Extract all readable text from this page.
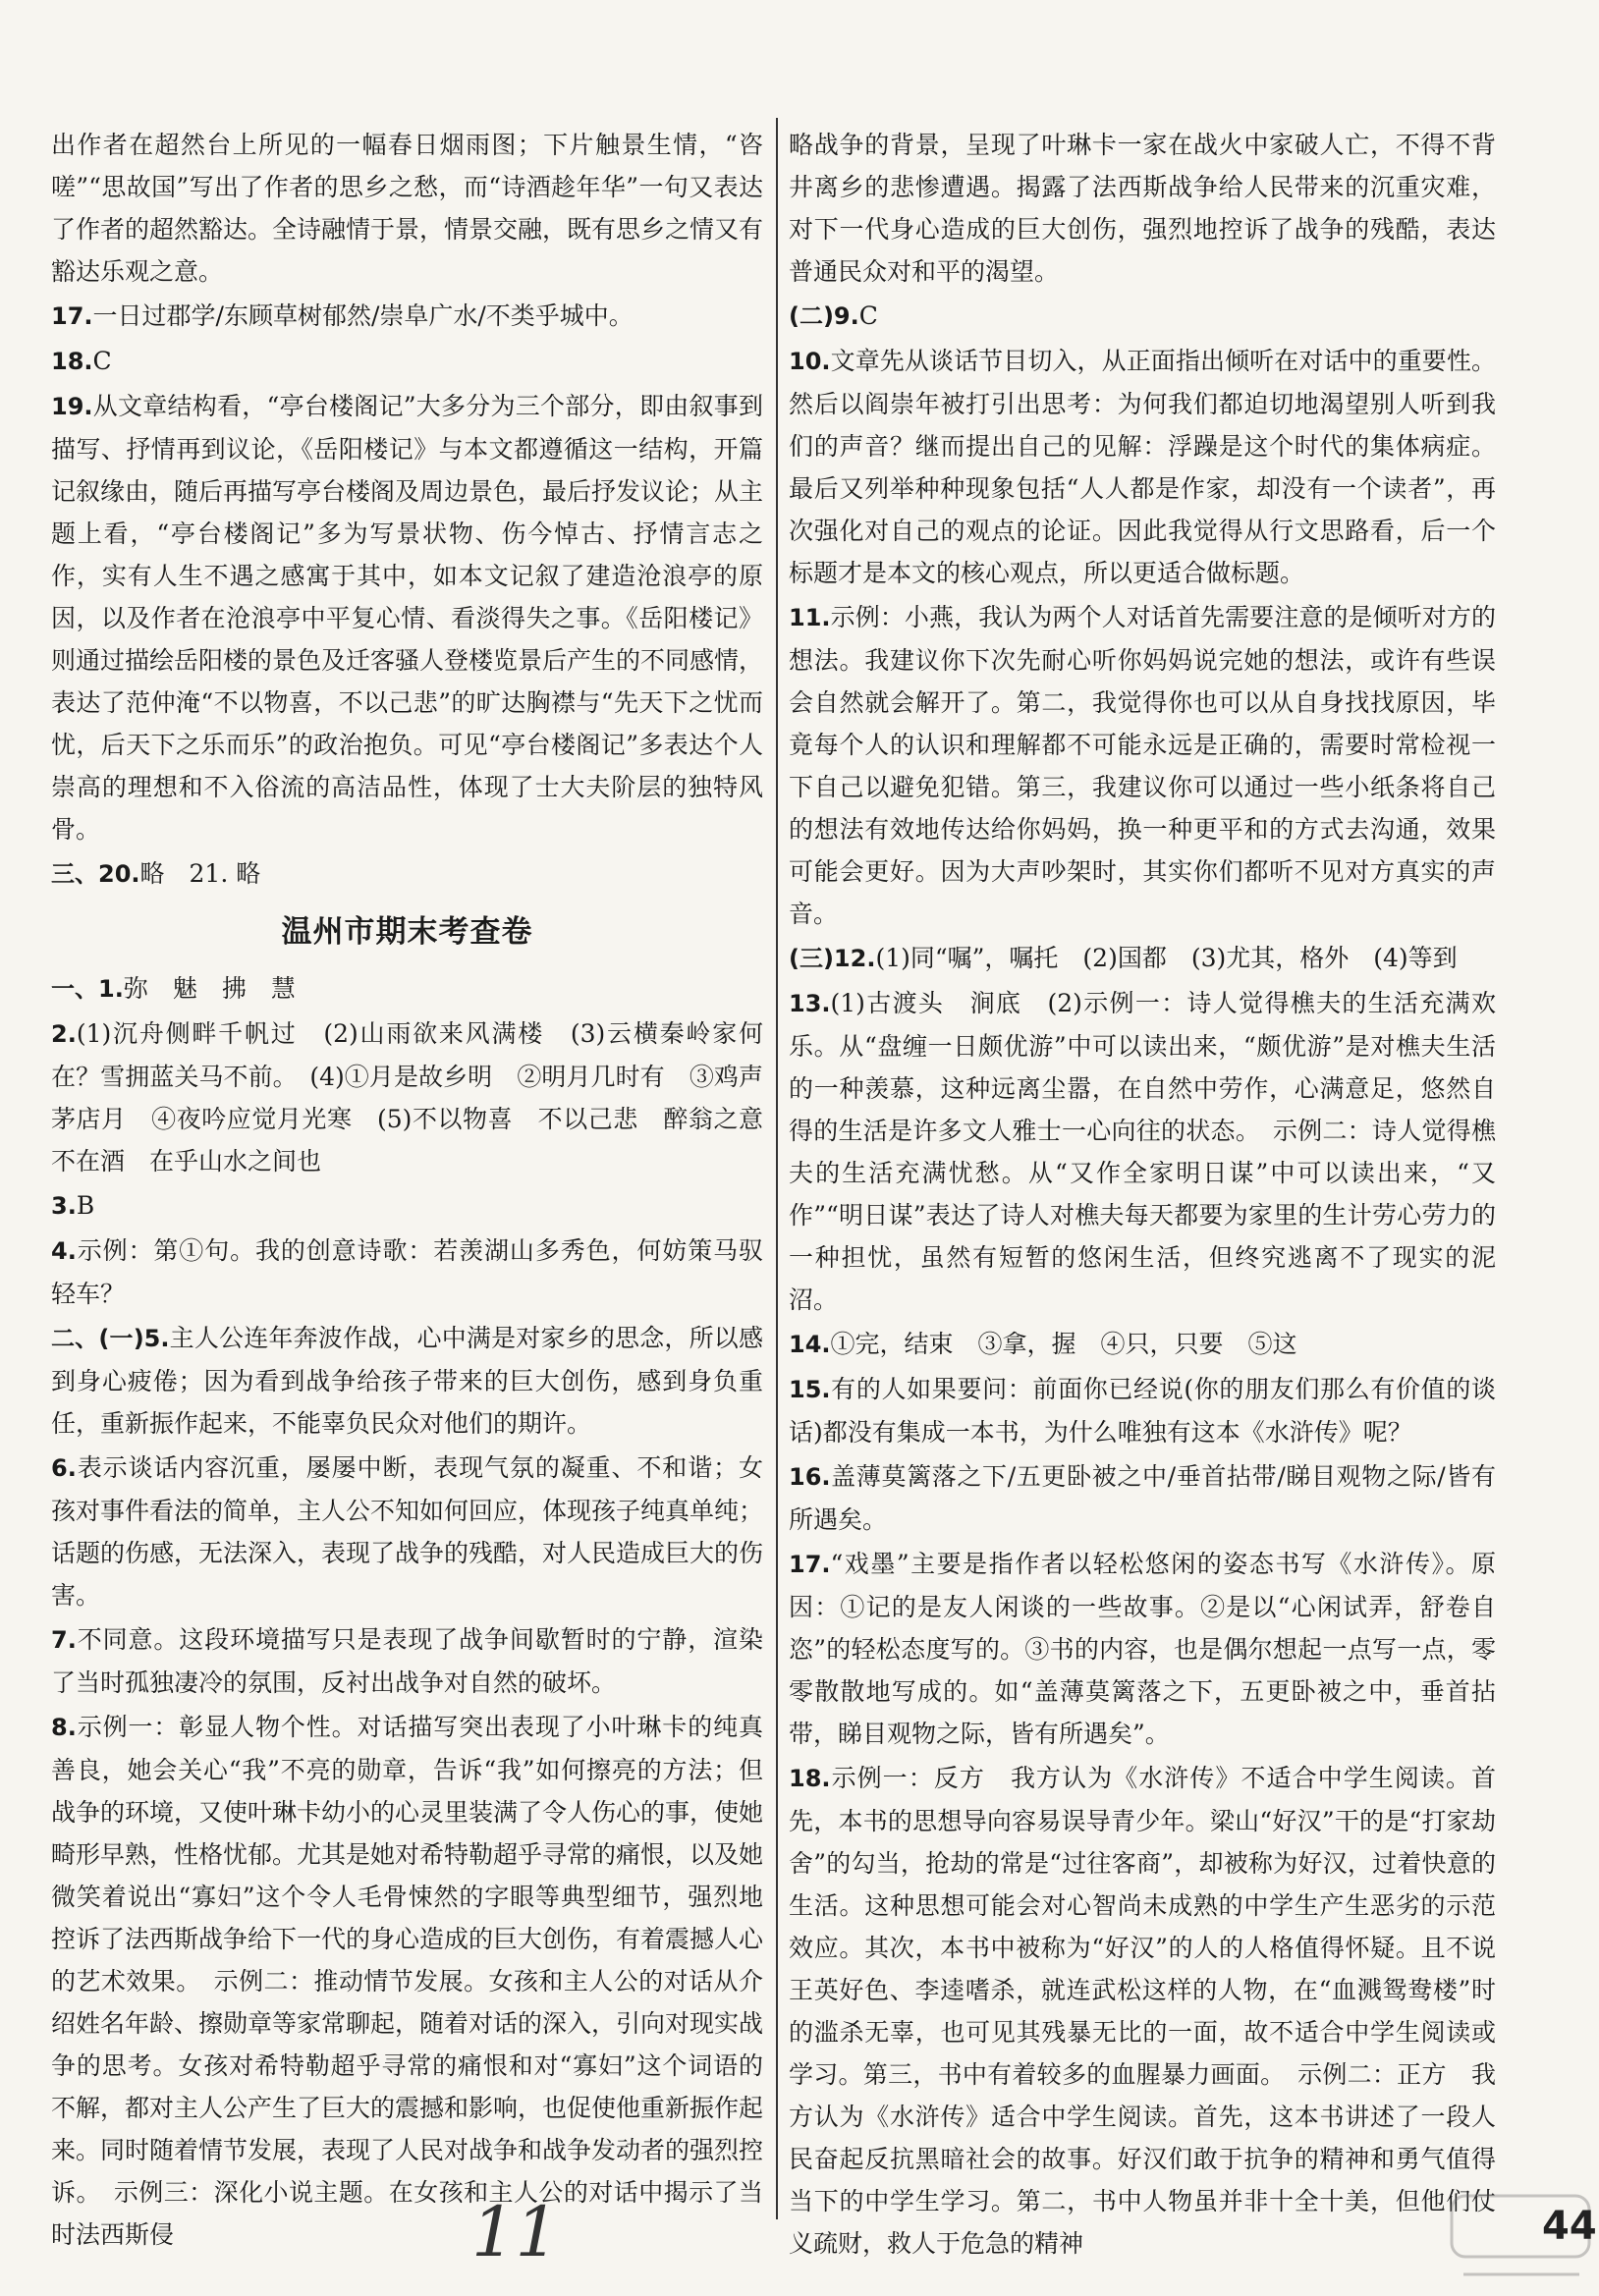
出作者在超然台上所见的一幅春日烟雨图；下片触景生情，“咨嗟”“思故国”写出了作者的思乡之愁，而“诗酒趁年华”一句又表达了作者的超然豁达。全诗融情于景，情景交融，既有思乡之情又有豁达乐观之意。

17.一日过郡学/东顾草树郁然/崇阜广水/不类乎城中。

18.C

19.从文章结构看，“亭台楼阁记”大多分为三个部分，即由叙事到描写、抒情再到议论，《岳阳楼记》与本文都遵循这一结构，开篇记叙缘由，随后再描写亭台楼阁及周边景色，最后抒发议论；从主题上看，“亭台楼阁记”多为写景状物、伤今悼古、抒情言志之作，实有人生不遇之感寓于其中，如本文记叙了建造沧浪亭的原因，以及作者在沧浪亭中平复心情、看淡得失之事。《岳阳楼记》则通过描绘岳阳楼的景色及迁客骚人登楼览景后产生的不同感情，表达了范仲淹“不以物喜，不以己悲”的旷达胸襟与“先天下之忧而忧，后天下之乐而乐”的政治抱负。可见“亭台楼阁记”多表达个人崇高的理想和不入俗流的高洁品性，体现了士大夫阶层的独特风骨。

三、20.略　21. 略

温州市期末考查卷

一、1.弥　魅　拂　慧

2.(1)沉舟侧畔千帆过　(2)山雨欲来风满楼　(3)云横秦岭家何在？雪拥蓝关马不前。　(4)①月是故乡明　②明月几时有　③鸡声茅店月　④夜吟应觉月光寒　(5)不以物喜　不以己悲　醉翁之意不在酒　在乎山水之间也

3.B

4.示例：第①句。我的创意诗歌：若羡湖山多秀色，何妨策马驭轻车？

二、(一)5.主人公连年奔波作战，心中满是对家乡的思念，所以感到身心疲倦；因为看到战争给孩子带来的巨大创伤，感到身负重任，重新振作起来，不能辜负民众对他们的期许。

6.表示谈话内容沉重，屡屡中断，表现气氛的凝重、不和谐；女孩对事件看法的简单，主人公不知如何回应，体现孩子纯真单纯；话题的伤感，无法深入，表现了战争的残酷，对人民造成巨大的伤害。

7.不同意。这段环境描写只是表现了战争间歇暂时的宁静，渲染了当时孤独凄冷的氛围，反衬出战争对自然的破坏。

8.示例一：彰显人物个性。对话描写突出表现了小叶琳卡的纯真善良，她会关心“我”不亮的勋章，告诉“我”如何擦亮的方法；但战争的环境，又使叶琳卡幼小的心灵里装满了令人伤心的事，使她畸形早熟，性格忧郁。尤其是她对希特勒超乎寻常的痛恨，以及她微笑着说出“寡妇”这个令人毛骨悚然的字眼等典型细节，强烈地控诉了法西斯战争给下一代的身心造成的巨大创伤，有着震撼人心的艺术效果。　示例二：推动情节发展。女孩和主人公的对话从介绍姓名年龄、擦勋章等家常聊起，随着对话的深入，引向对现实战争的思考。女孩对希特勒超乎寻常的痛恨和对“寡妇”这个词语的不解，都对主人公产生了巨大的震撼和影响，也促使他重新振作起来。同时随着情节发展，表现了人民对战争和战争发动者的强烈控诉。　示例三：深化小说主题。在女孩和主人公的对话中揭示了当时法西斯侵

略战争的背景，呈现了叶琳卡一家在战火中家破人亡，不得不背井离乡的悲惨遭遇。揭露了法西斯战争给人民带来的沉重灾难，对下一代身心造成的巨大创伤，强烈地控诉了战争的残酷，表达普通民众对和平的渴望。

(二)9.C

10.文章先从谈话节目切入，从正面指出倾听在对话中的重要性。然后以阎崇年被打引出思考：为何我们都迫切地渴望别人听到我们的声音？继而提出自己的见解：浮躁是这个时代的集体病症。最后又列举种种现象包括“人人都是作家，却没有一个读者”，再次强化对自己的观点的论证。因此我觉得从行文思路看，后一个标题才是本文的核心观点，所以更适合做标题。

11.示例：小燕，我认为两个人对话首先需要注意的是倾听对方的想法。我建议你下次先耐心听你妈妈说完她的想法，或许有些误会自然就会解开了。第二，我觉得你也可以从自身找找原因，毕竟每个人的认识和理解都不可能永远是正确的，需要时常检视一下自己以避免犯错。第三，我建议你可以通过一些小纸条将自己的想法有效地传达给你妈妈，换一种更平和的方式去沟通，效果可能会更好。因为大声吵架时，其实你们都听不见对方真实的声音。

(三)12.(1)同“嘱”，嘱托　(2)国都　(3)尤其，格外　(4)等到

13.(1)古渡头　涧底　(2)示例一：诗人觉得樵夫的生活充满欢乐。从“盘缠一日颇优游”中可以读出来，“颇优游”是对樵夫生活的一种羡慕，这种远离尘嚣，在自然中劳作，心满意足，悠然自得的生活是许多文人雅士一心向往的状态。　示例二：诗人觉得樵夫的生活充满忧愁。从“又作全家明日谋”中可以读出来，“又作”“明日谋”表达了诗人对樵夫每天都要为家里的生计劳心劳力的一种担忧，虽然有短暂的悠闲生活，但终究逃离不了现实的泥沼。

14.①完，结束　③拿，握　④只，只要　⑤这

15.有的人如果要问：前面你已经说(你的朋友们那么有价值的谈话)都没有集成一本书，为什么唯独有这本《水浒传》呢？

16.盖薄莫篱落之下/五更卧被之中/垂首拈带/睇目观物之际/皆有所遇矣。

17.“戏墨”主要是指作者以轻松悠闲的姿态书写《水浒传》。原因：①记的是友人闲谈的一些故事。②是以“心闲试弄，舒卷自恣”的轻松态度写的。③书的内容，也是偶尔想起一点写一点，零零散散地写成的。如“盖薄莫篱落之下，五更卧被之中，垂首拈带，睇目观物之际，皆有所遇矣”。

18.示例一：反方　我方认为《水浒传》不适合中学生阅读。首先，本书的思想导向容易误导青少年。梁山“好汉”干的是“打家劫舍”的勾当，抢劫的常是“过往客商”，却被称为好汉，过着快意的生活。这种思想可能会对心智尚未成熟的中学生产生恶劣的示范效应。其次，本书中被称为“好汉”的人的人格值得怀疑。且不说王英好色、李逵嗜杀，就连武松这样的人物，在“血溅鸳鸯楼”时的滥杀无辜，也可见其残暴无比的一面，故不适合中学生阅读或学习。第三，书中有着较多的血腥暴力画面。　示例二：正方　我方认为《水浒传》适合中学生阅读。首先，这本书讲述了一段人民奋起反抗黑暗社会的故事。好汉们敢于抗争的精神和勇气值得当下的中学生学习。第二，书中人物虽并非十全十美，但他们仗义疏财，救人于危急的精神

11	44
